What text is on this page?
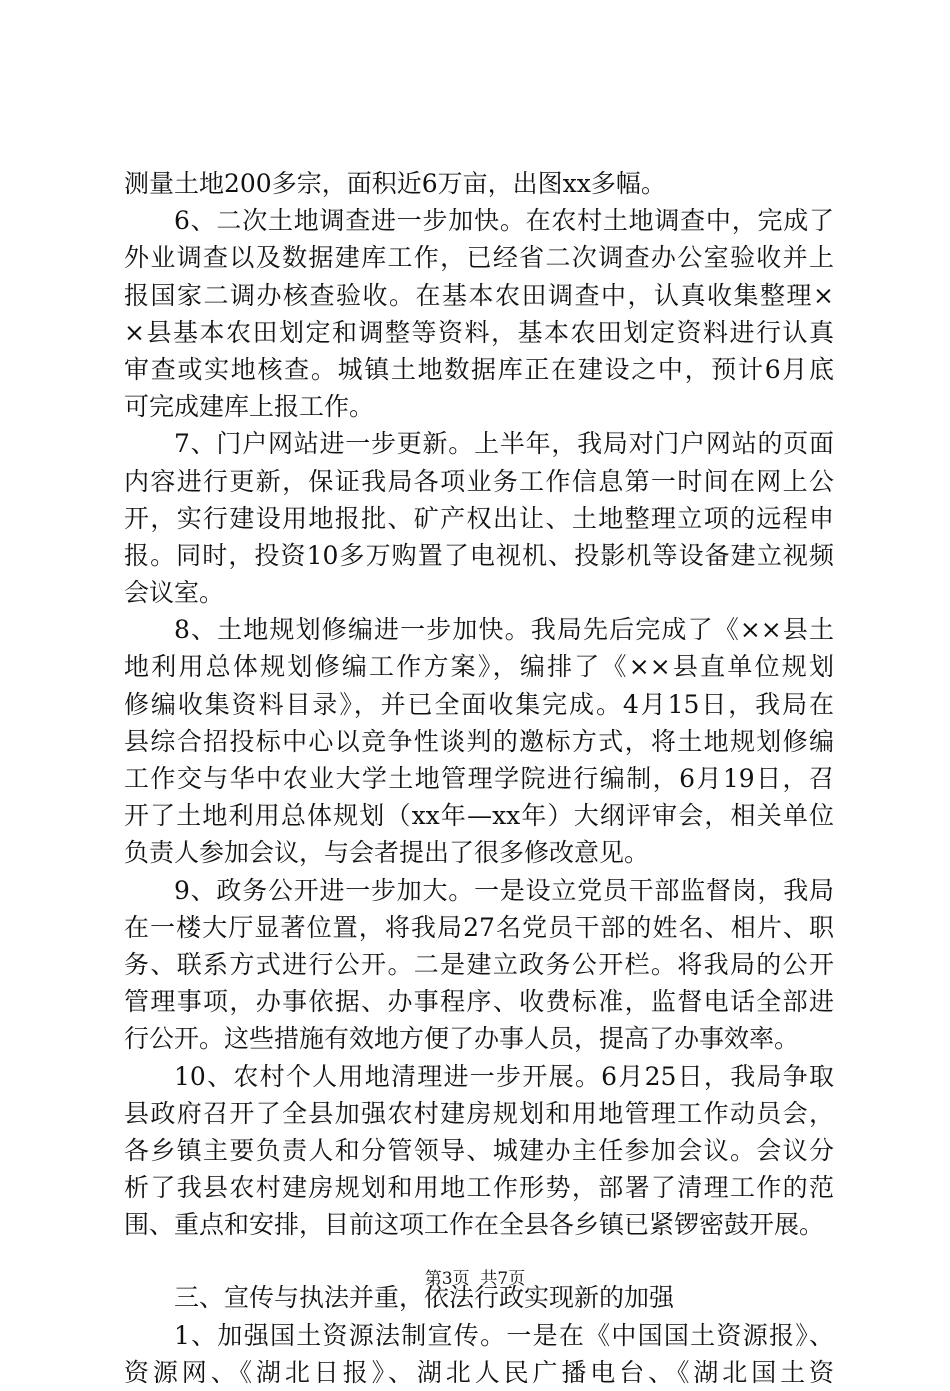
测量土地200多宗，面积近6万亩，出图xx多幅。
6、二次土地调查进一步加快。在农村土地调查中，完成了
外业调查以及数据建库工作，已经省二次调查办公室验收并上
报国家二调办核查验收。在基本农田调查中，认真收集整理×
×县基本农田划定和调整等资料，基本农田划定资料进行认真
审查或实地核查。城镇土地数据库正在建设之中，预计6月底
可完成建库上报工作。
7、门户网站进一步更新。上半年，我局对门户网站的页面
内容进行更新，保证我局各项业务工作信息第一时间在网上公
开，实行建设用地报批、矿产权出让、土地整理立项的远程申
报。同时，投资10多万购置了电视机、投影机等设备建立视频
会议室。
8、土地规划修编进一步加快。我局先后完成了《××县土
地利用总体规划修编工作方案》，编排了《××县直单位规划
修编收集资料目录》，并已全面收集完成。4月15日，我局在
县综合招投标中心以竞争性谈判的邀标方式，将土地规划修编
工作交与华中农业大学土地管理学院进行编制，6月19日，召
开了土地利用总体规划（xx年—xx年）大纲评审会，相关单位
负责人参加会议，与会者提出了很多修改意见。
9、政务公开进一步加大。一是设立党员干部监督岗，我局
在一楼大厅显著位置，将我局27名党员干部的姓名、相片、职
务、联系方式进行公开。二是建立政务公开栏。将我局的公开
管理事项，办事依据、办事程序、收费标准，监督电话全部进
行公开。这些措施有效地方便了办事人员，提高了办事效率。
10、农村个人用地清理进一步开展。6月25日，我局争取
县政府召开了全县加强农村建房规划和用地管理工作动员会，
各乡镇主要负责人和分管领导、城建办主任参加会议。会议分
析了我县农村建房规划和用地工作形势，部署了清理工作的范
围、重点和安排，目前这项工作在全县各乡镇已紧锣密鼓开展。
三、宣传与执法并重，依法行政实现新的加强
1、加强国土资源法制宣传。一是在《中国国土资源报》、
资源网、《湖北日报》、湖北人民广播电台、《湖北国土资
第3页  共7页
